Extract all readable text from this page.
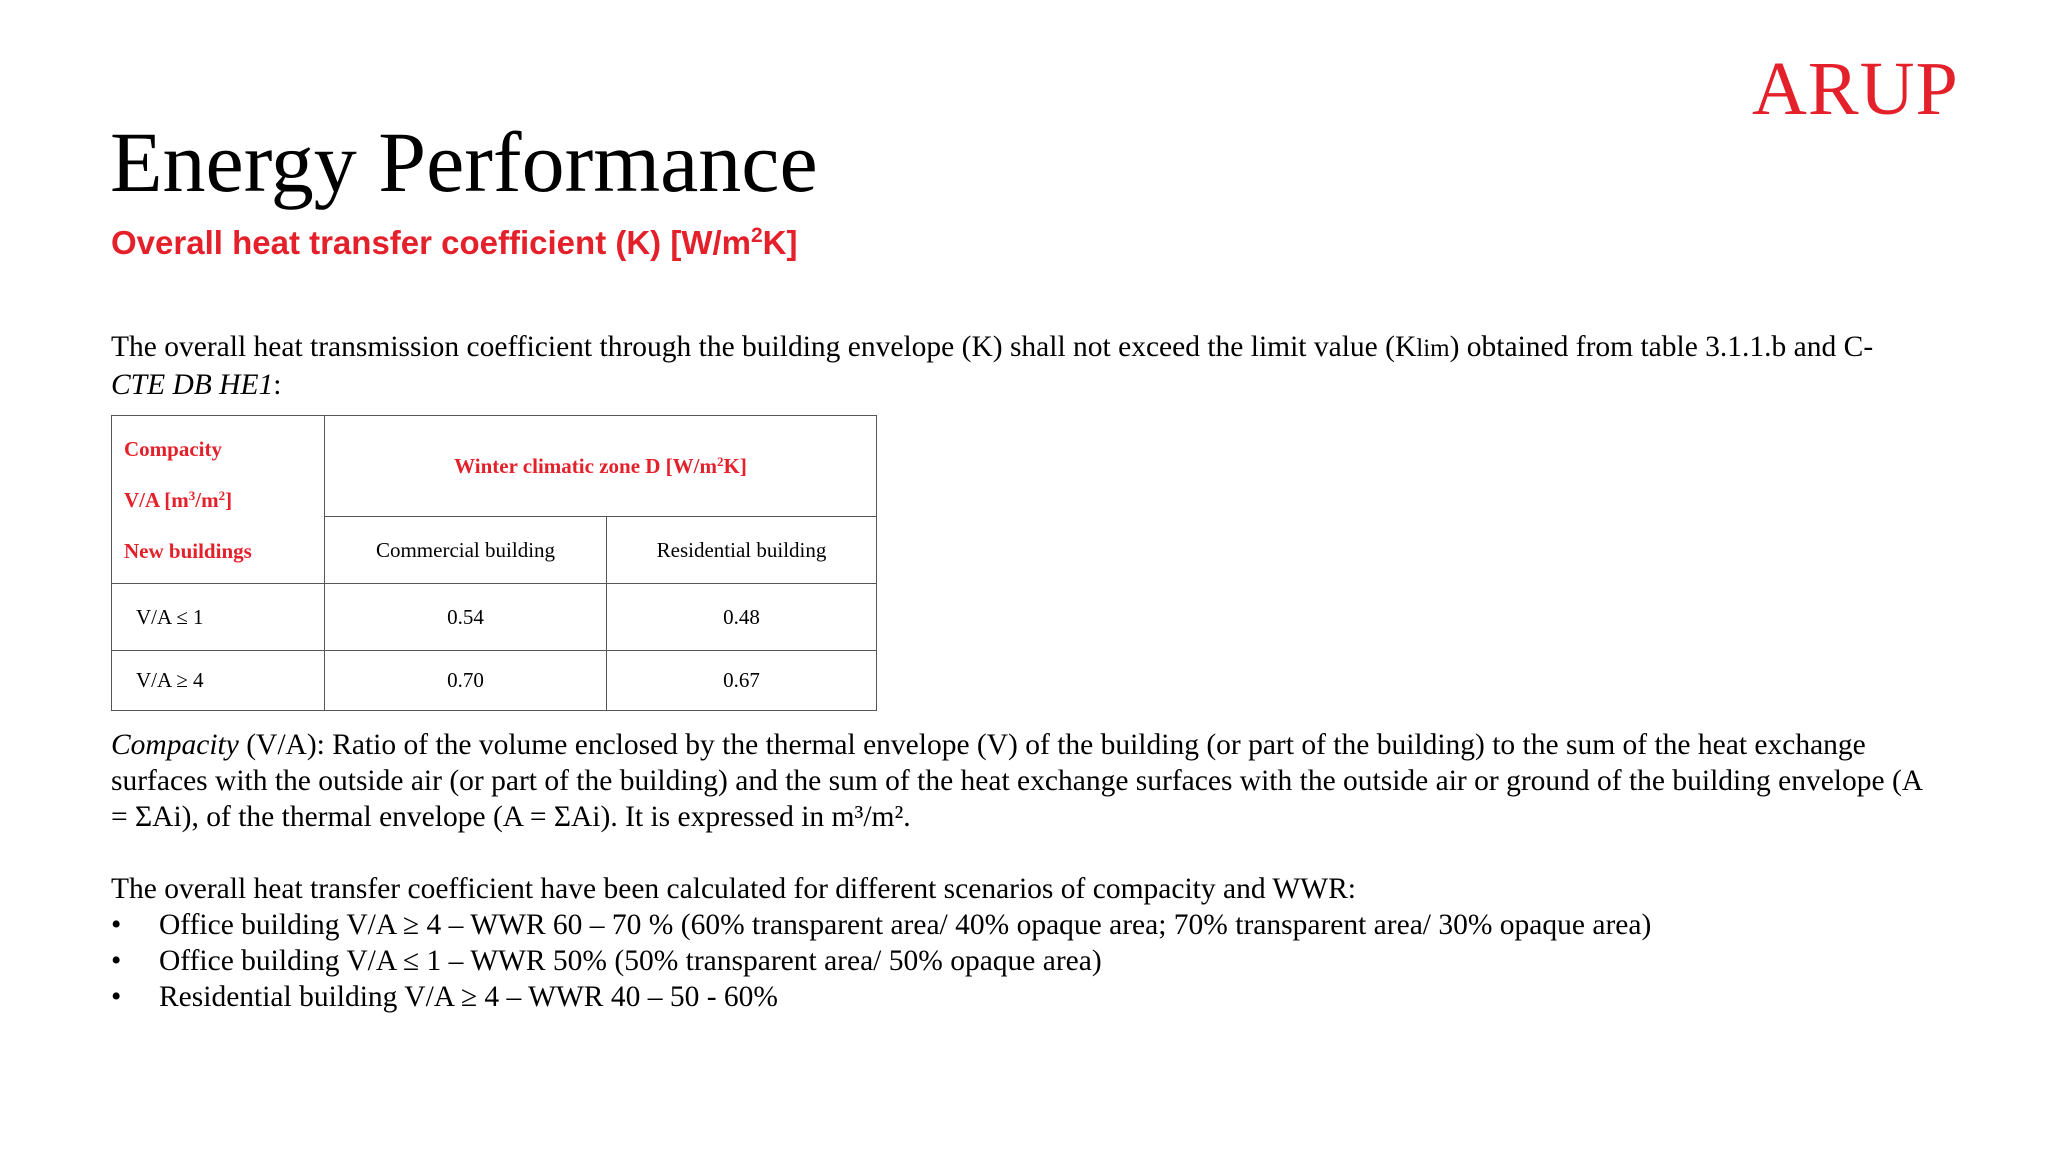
ARUP
Energy Performance
Overall heat transfer coefficient (K) $[W/m^2K]$

The overall heat transmission coefficient through the building envelope (K) shall not exceed the limit value (Klim) obtained from table 3.1.1.b and C-
CTE DB HE1:

Compacity
V/A $[m^3/m^2]$
New buildings	Winter climatic zone D $[W/m^2K]$	
	Commercial building	Residential building
V/A ≤ 1	0.54	0.48
V/A ≥ 4	0.70	0.67

Compacity (V/A): Ratio of the volume enclosed by the thermal envelope (V) of the building (or part of the building) to the sum of the heat exchange surfaces with the outside air (or part of the building) and the sum of the heat exchange surfaces with the outside air or ground of the building envelope (A = ΣAi), of the thermal envelope (A = ΣAi). It is expressed in m³/m².

The overall heat transfer coefficient have been calculated for different scenarios of compacity and WWR:

• Office building V/A ≥ 4 – WWR 60 – 70 % (60% transparent area/ 40% opaque area; 70% transparent area/ 30% opaque area)
• Office building V/A ≤ 1 – WWR 50% (50% transparent area/ 50% opaque area)
• Residential building V/A ≥ 4 – WWR 40 – 50 - 60%
